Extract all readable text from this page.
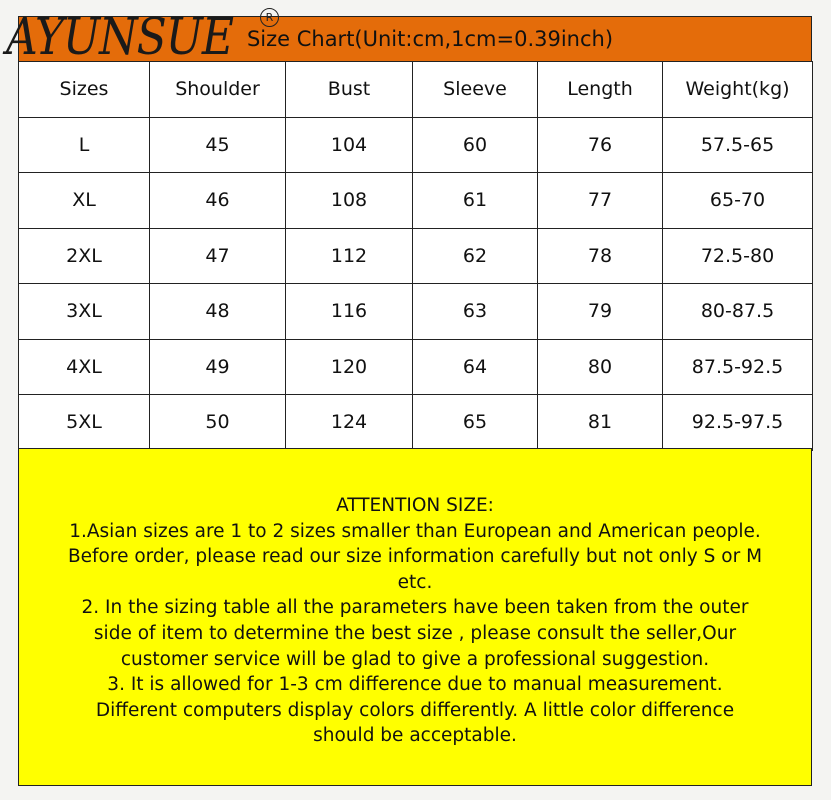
Size Chart(Unit:cm,1cm=0.39inch)
AYUNSUE	R
Sizes	Shoulder	Bust	Sleeve	Length	Weight(kg)
L	45	104	60	76	57.5-65
XL	46	108	61	77	65-70
2XL	47	112	62	78	72.5-80
3XL	48	116	63	79	80-87.5
4XL	49	120	64	80	87.5-92.5
5XL	50	124	65	81	92.5-97.5
ATTENTION SIZE:
1.Asian sizes are 1 to 2 sizes smaller than European and American people.
Before order, please read our size information carefully but not only S or M
etc.
2. In the sizing table all the parameters have been taken from the outer
side of item to determine the best size , please consult the seller,Our
customer service will be glad to give a professional suggestion.
3. It is allowed for 1-3 cm difference due to manual measurement.
Different computers display colors differently. A little color difference
should be acceptable.
